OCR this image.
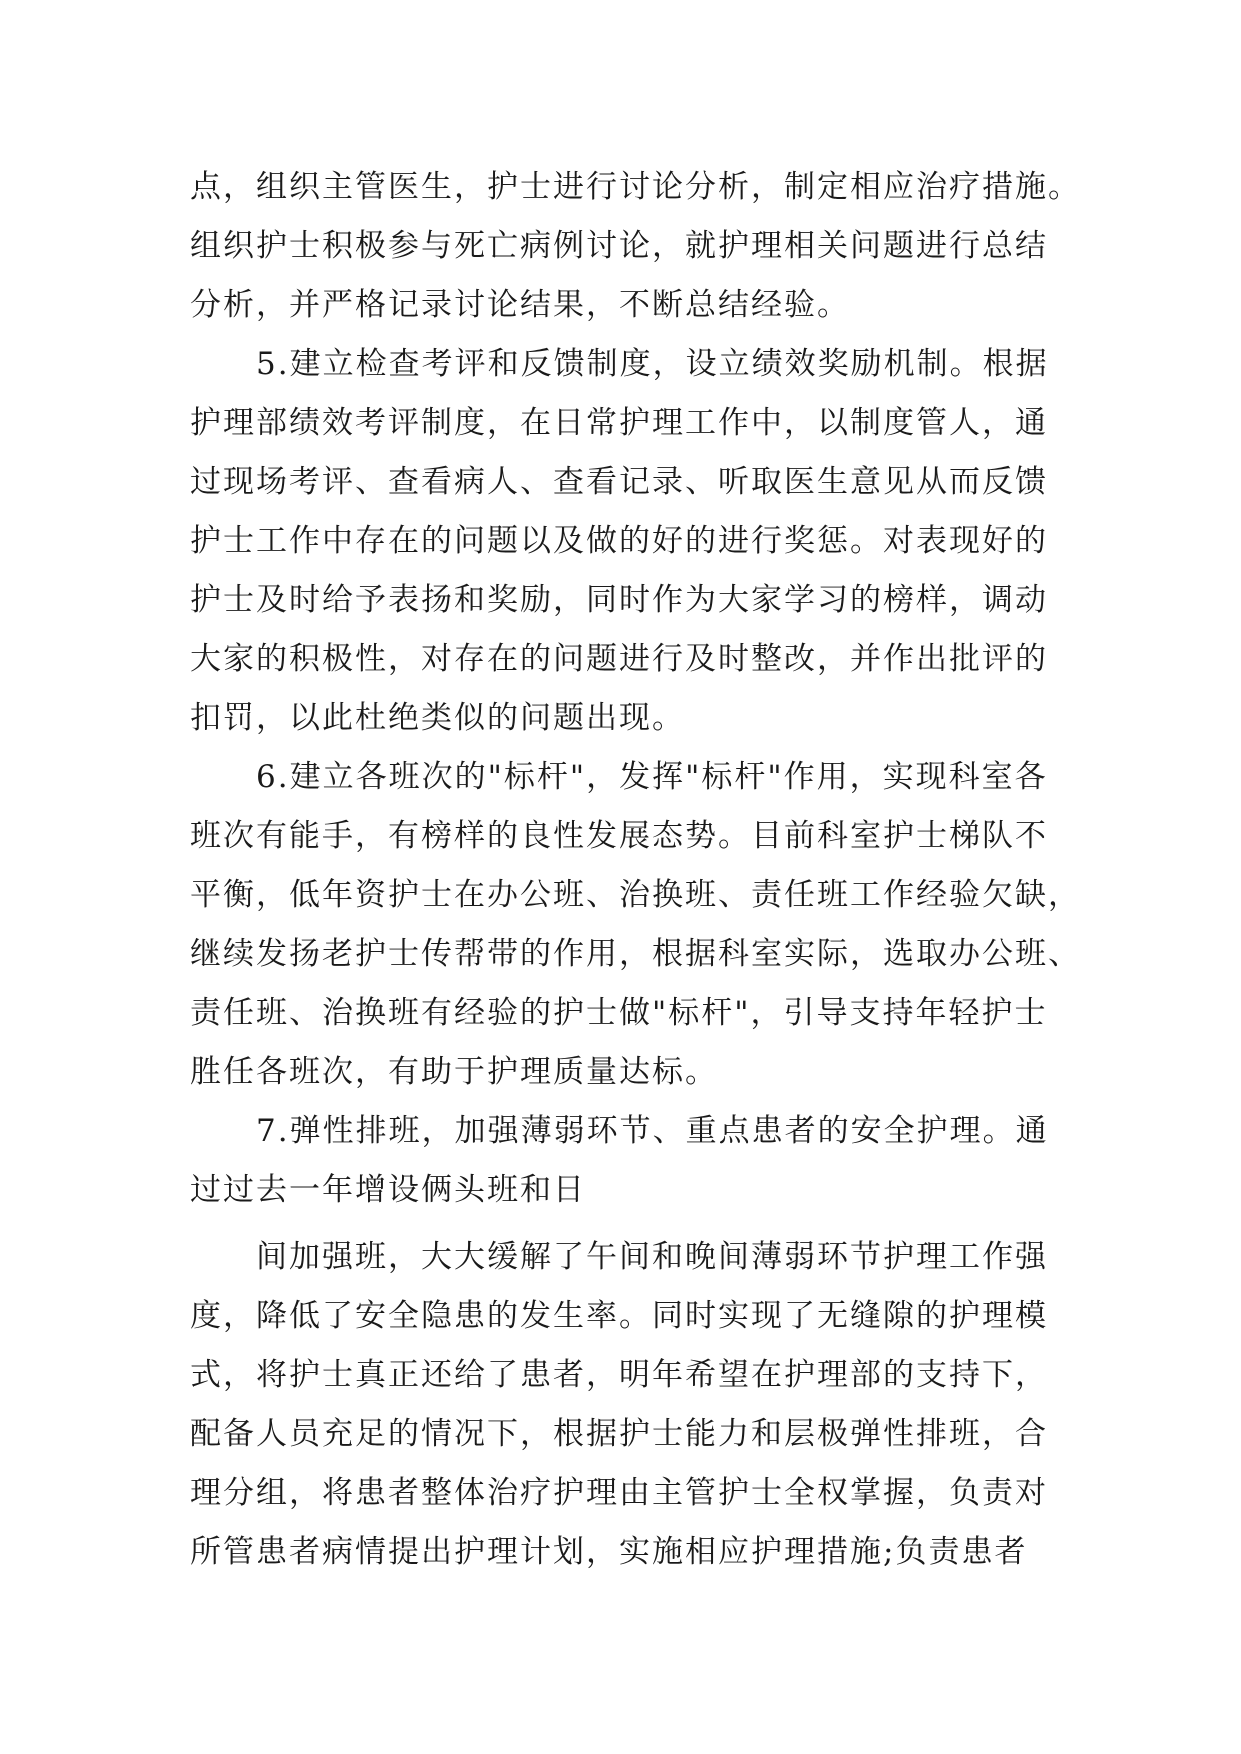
点，组织主管医生，护士进行讨论分析，制定相应治疗措施。
组织护士积极参与死亡病例讨论，就护理相关问题进行总结
分析，并严格记录讨论结果，不断总结经验。
5.建立检查考评和反馈制度，设立绩效奖励机制。根据
护理部绩效考评制度，在日常护理工作中，以制度管人，通
过现场考评、查看病人、查看记录、听取医生意见从而反馈
护士工作中存在的问题以及做的好的进行奖惩。对表现好的
护士及时给予表扬和奖励，同时作为大家学习的榜样，调动
大家的积极性，对存在的问题进行及时整改，并作出批评的
扣罚，以此杜绝类似的问题出现。
6.建立各班次的"标杆"，发挥"标杆"作用，实现科室各
班次有能手，有榜样的良性发展态势。目前科室护士梯队不
平衡，低年资护士在办公班、治换班、责任班工作经验欠缺，
继续发扬老护士传帮带的作用，根据科室实际，选取办公班、
责任班、治换班有经验的护士做"标杆"，引导支持年轻护士
胜任各班次，有助于护理质量达标。
7.弹性排班，加强薄弱环节、重点患者的安全护理。通
过过去一年增设俩头班和日
间加强班，大大缓解了午间和晚间薄弱环节护理工作强
度，降低了安全隐患的发生率。同时实现了无缝隙的护理模
式，将护士真正还给了患者，明年希望在护理部的支持下，
配备人员充足的情况下，根据护士能力和层极弹性排班，合
理分组，将患者整体治疗护理由主管护士全权掌握，负责对
所管患者病情提出护理计划，实施相应护理措施;负责患者
